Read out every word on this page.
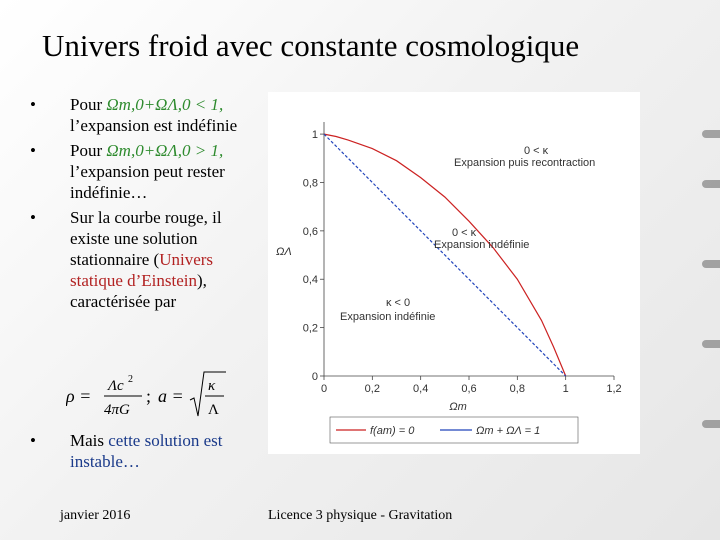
Univers froid avec constante cosmologique
• Pour Ωm,0+ΩΛ,0 < 1, l’expansion est indéfinie
• Pour Ωm,0+ΩΛ,0 > 1, l’expansion peut rester indéfinie…
• Sur la courbe rouge, il existe une solution stationnaire (Univers statique d’Einstein), caractérisée par
ρ = Λc 2
4πG
; a = κ
Λ
• Mais cette solution est instable…
0	0,2	0,4	0,6	0,8	1	1,2
0
0,2
0,4
0,6
0,8
1
ΩΛ
Ωm
0 < κ
Expansion puis recontraction
0 < κ
Expansion indéfinie
κ < 0
Expansion indéfinie
f(am) = 0	Ωm + ΩΛ = 1
janvier 2016	Licence 3 physique - Gravitation
